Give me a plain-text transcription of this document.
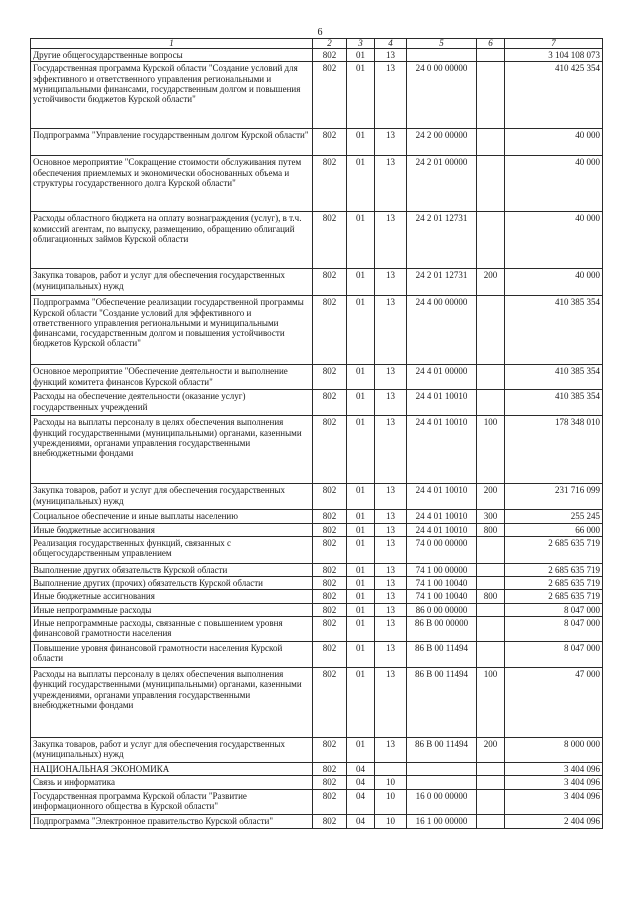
6
1	2	3	4	5	6	7
Другие общегосударственные вопросы	802	01	13			3 104 108 073
Государственная программа Курской области "Создание условий для эффективного и ответственного управления региональными и муниципальными финансами, государственным долгом и повышения устойчивости бюджетов Курской области"	802	01	13	24 0 00 00000		410 425 354
Подпрограмма "Управление государственным долгом Курской области"	802	01	13	24 2 00 00000		40 000
Основное мероприятие "Сокращение стоимости обслуживания путем обеспечения приемлемых и экономически обоснованных объема и структуры государственного долга Курской области"	802	01	13	24 2 01 00000		40 000
Расходы областного бюджета на оплату вознаграждения (услуг), в т.ч. комиссий агентам, по выпуску, размещению, обращению облигаций облигационных займов Курской области	802	01	13	24 2 01 12731		40 000
Закупка товаров, работ и услуг для обеспечения государственных (муниципальных) нужд	802	01	13	24 2 01 12731	200	40 000
Подпрограмма "Обеспечение реализации государственной программы Курской области "Создание условий для эффективного и ответственного управления региональными и муниципальными финансами, государственным долгом и повышения устойчивости бюджетов Курской области"	802	01	13	24 4 00 00000		410 385 354
Основное мероприятие "Обеспечение деятельности и выполнение функций комитета финансов Курской области"	802	01	13	24 4 01 00000		410 385 354
Расходы на обеспечение деятельности (оказание услуг) государственных учреждений	802	01	13	24 4 01 10010		410 385 354
Расходы на выплаты персоналу в целях обеспечения выполнения функций государственными (муниципальными) органами, казенными учреждениями, органами управления государственными внебюджетными фондами	802	01	13	24 4 01 10010	100	178 348 010
Закупка товаров, работ и услуг для обеспечения государственных (муниципальных) нужд	802	01	13	24 4 01 10010	200	231 716 099
Социальное обеспечение и иные выплаты населению	802	01	13	24 4 01 10010	300	255 245
Иные бюджетные ассигнования	802	01	13	24 4 01 10010	800	66 000
Реализация государственных функций, связанных с общегосударственным управлением	802	01	13	74 0 00 00000		2 685 635 719
Выполнение других обязательств Курской области	802	01	13	74 1 00 00000		2 685 635 719
Выполнение других (прочих) обязательств Курской области	802	01	13	74 1 00 10040		2 685 635 719
Иные бюджетные ассигнования	802	01	13	74 1 00 10040	800	2 685 635 719
Иные непрограммные расходы	802	01	13	86 0 00 00000		8 047 000
Иные непрограммные расходы, связанные с повышением уровня финансовой грамотности населения	802	01	13	86 В 00 00000		8 047 000
Повышение уровня финансовой грамотности населения Курской области	802	01	13	86 В 00 11494		8 047 000
Расходы на выплаты персоналу в целях обеспечения выполнения функций государственными (муниципальными) органами, казенными учреждениями, органами управления государственными внебюджетными фондами	802	01	13	86 В 00 11494	100	47 000
Закупка товаров, работ и услуг для обеспечения государственных (муниципальных) нужд	802	01	13	86 В 00 11494	200	8 000 000
НАЦИОНАЛЬНАЯ ЭКОНОМИКА	802	04				3 404 096
Связь и информатика	802	04	10			3 404 096
Государственная программа Курской области "Развитие информационного общества в Курской области"	802	04	10	16 0 00 00000		3 404 096
Подпрограмма "Электронное правительство Курской области"	802	04	10	16 1 00 00000		2 404 096
